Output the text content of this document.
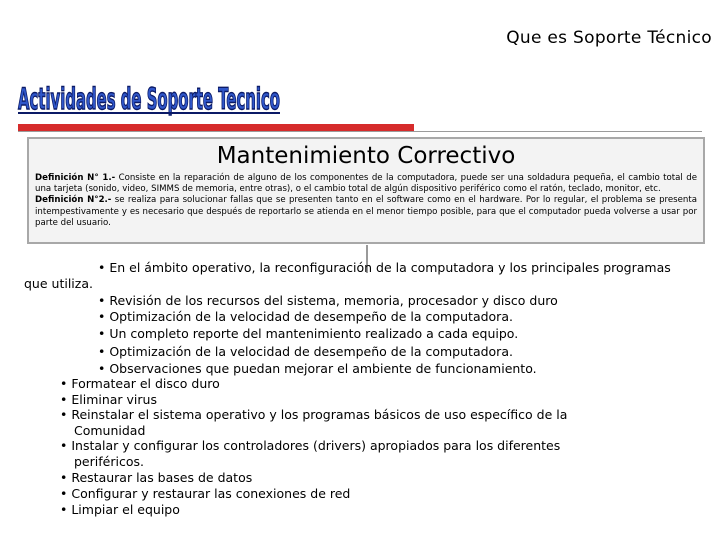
Que es Soporte Técnico
Actividades de Soporte Tecnico
Mantenimiento Correctivo

Definición N° 1.- Consiste en la reparación de alguno de los componentes de la computadora, puede ser una soldadura pequeña, el cambio total de una tarjeta (sonido, video, SIMMS de memoria, entre otras), o el cambio total de algún dispositivo periférico como el ratón, teclado, monitor, etc.

Definición N°2.- se realiza para solucionar fallas que se presenten tanto en el software como en el hardware. Por lo regular, el problema se presenta intempestivamente y es necesario que después de reportarlo se atienda en el menor tiempo posible, para que el computador pueda volverse a usar por parte del usuario.

• En el ámbito operativo, la reconfiguración de la computadora y los principales programas
que utiliza.
• Revisión de los recursos del sistema, memoria, procesador y disco duro
• Optimización de la velocidad de desempeño de la computadora.
• Un completo reporte del mantenimiento realizado a cada equipo.
• Optimización de la velocidad de desempeño de la computadora.
• Observaciones que puedan mejorar el ambiente de funcionamiento.
• Formatear el disco duro
• Eliminar virus
• Reinstalar el sistema operativo y los programas básicos de uso específico de la
Comunidad
• Instalar y configurar los controladores (drivers) apropiados para los diferentes
periféricos.
• Restaurar las bases de datos
• Configurar y restaurar las conexiones de red
• Limpiar el equipo
